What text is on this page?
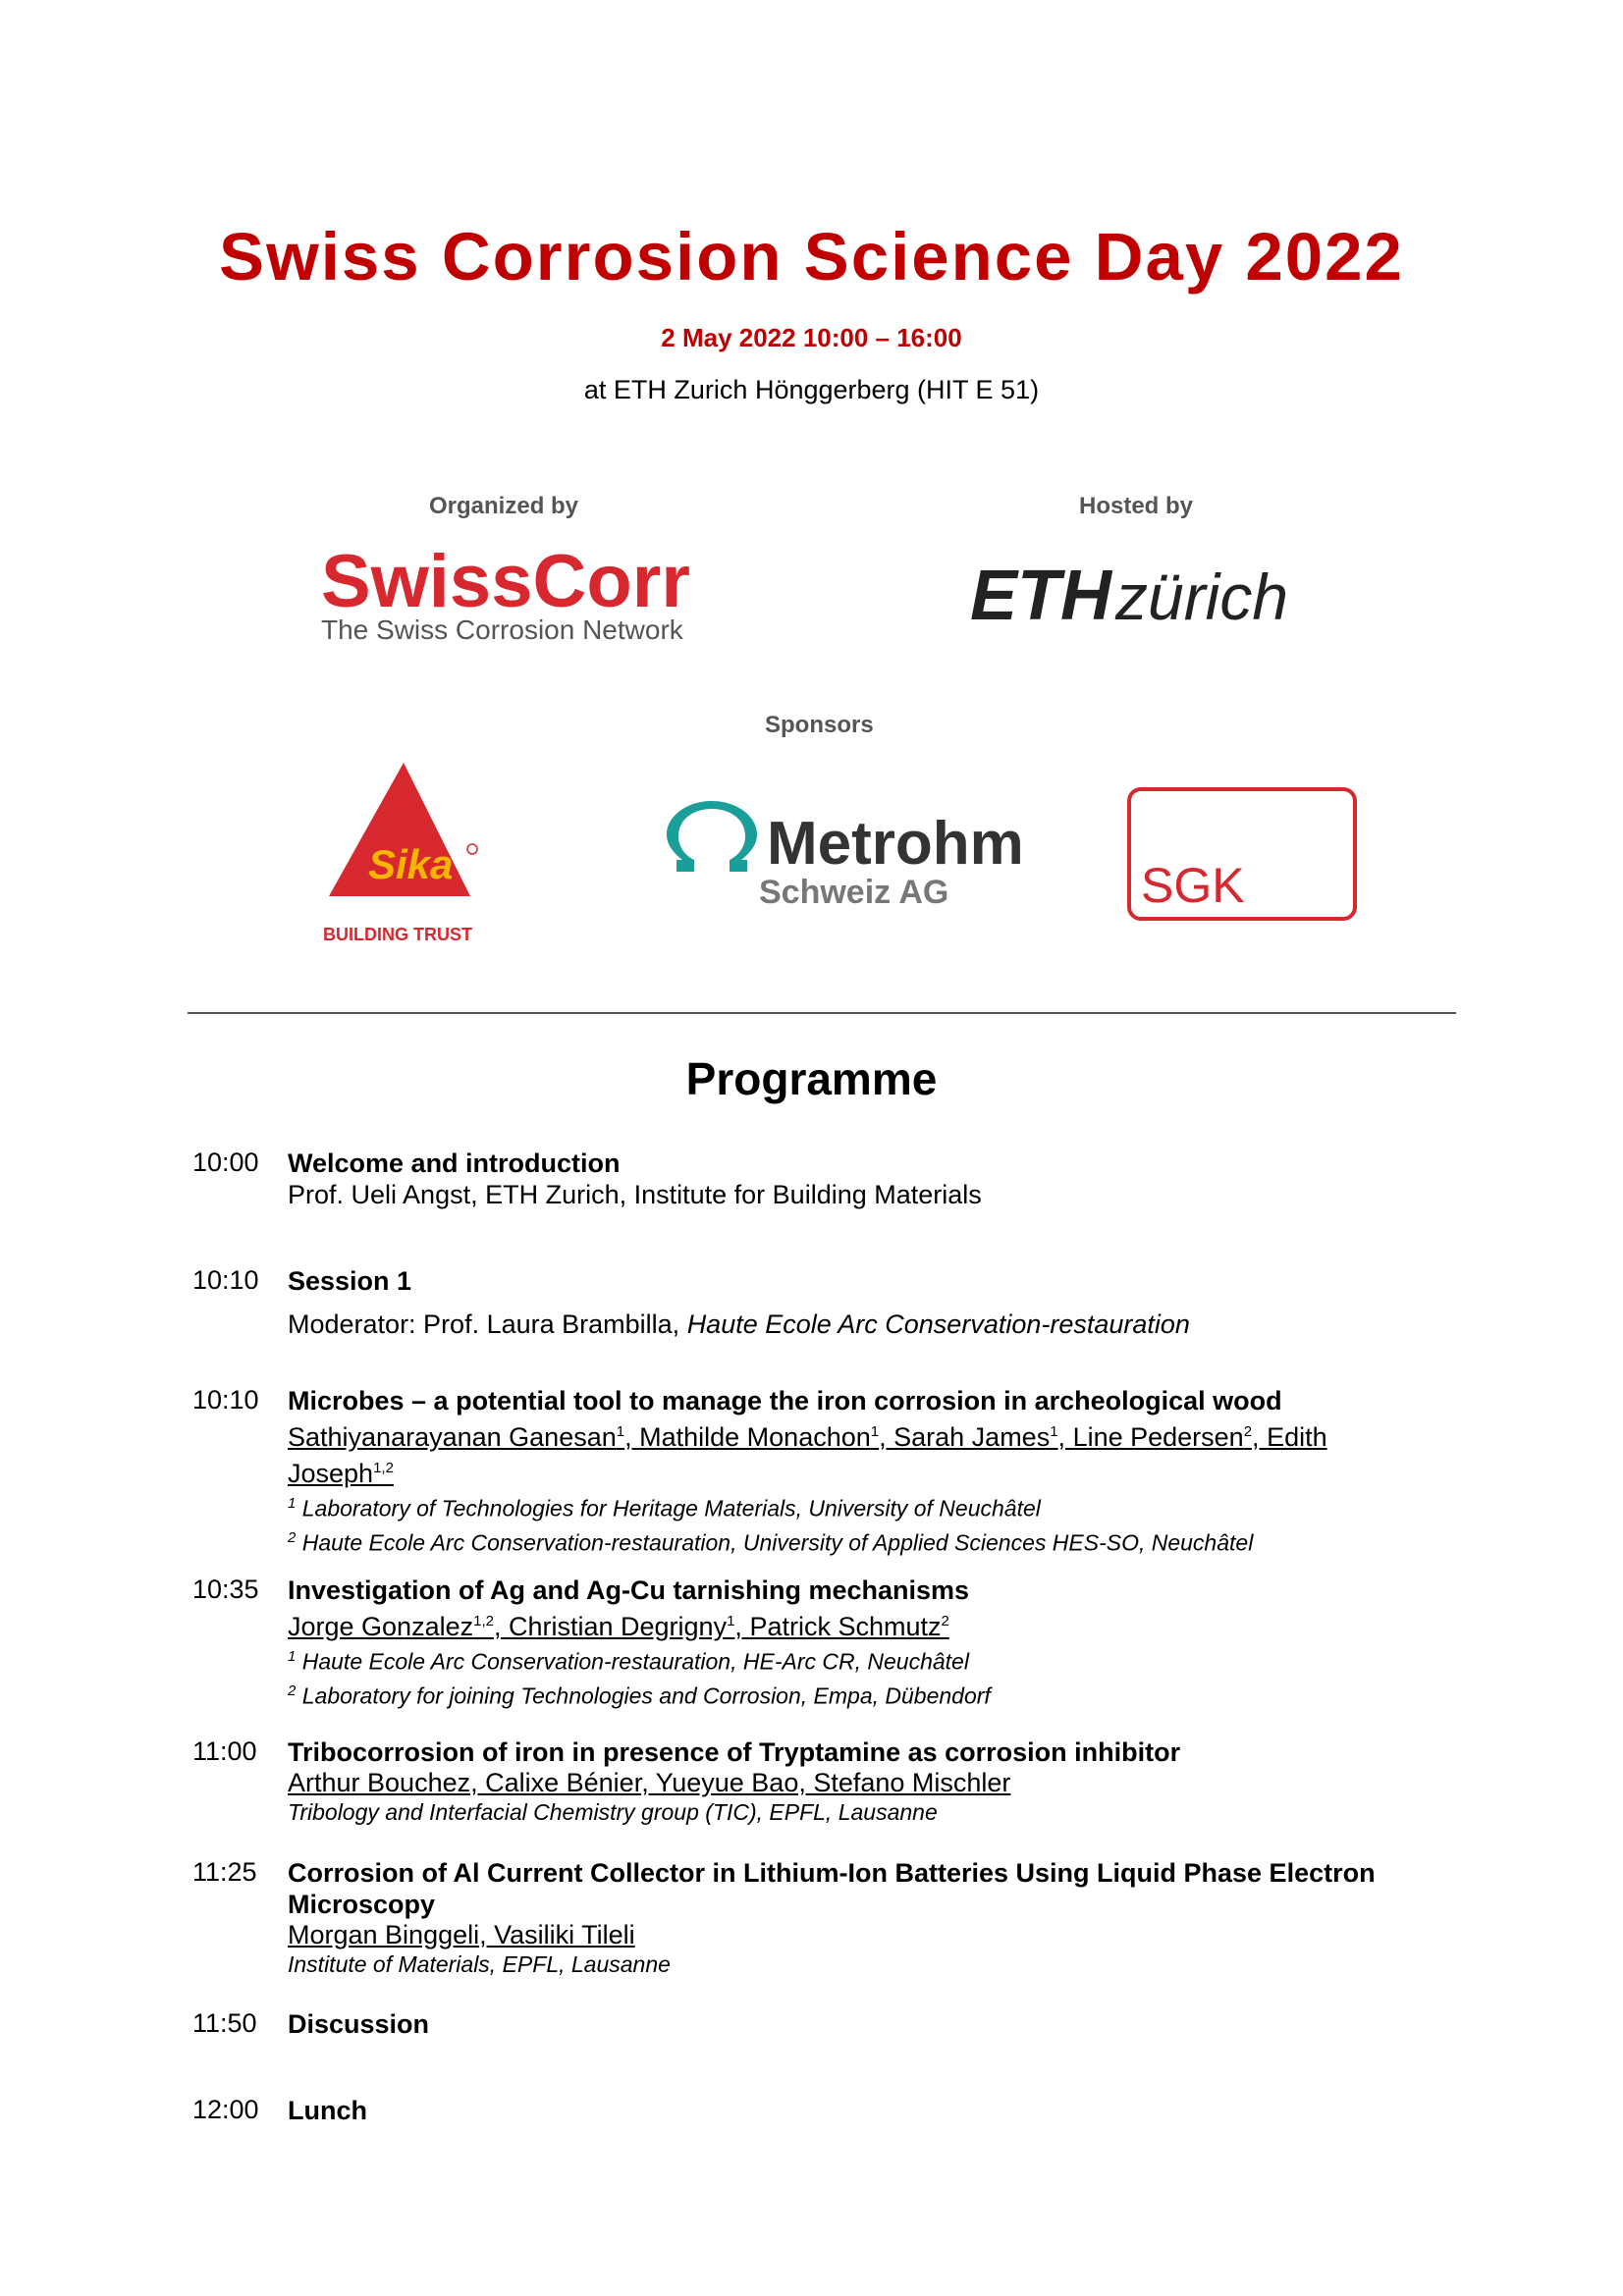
Swiss Corrosion Science Day 2022
2 May 2022 10:00 – 16:00
at ETH Zurich Hönggerberg (HIT E 51)
Organized by	Hosted by
Sponsors
SwissCorr
The Swiss Corrosion Network	ETH zürich
Sika
BUILDING TRUST
Metrohm
Schweiz AG	SGK
Programme
10:00	Welcome and introduction
Prof. Ueli Angst, ETH Zurich, Institute for Building Materials
10:10	Session 1
Moderator: Prof. Laura Brambilla, Haute Ecole Arc Conservation-restauration
10:10	Microbes – a potential tool to manage the iron corrosion in archeological wood
Sathiyanarayanan Ganesan$^1$, Mathilde Monachon$^1$, Sarah James$^1$, Line Pedersen$^2$, Edith
Joseph$^{1,2}$
$^1$ Laboratory of Technologies for Heritage Materials, University of Neuchâtel
$^2$ Haute Ecole Arc Conservation-restauration, University of Applied Sciences HES-SO, Neuchâtel
10:35	Investigation of Ag and Ag-Cu tarnishing mechanisms
Jorge Gonzalez$^{1,2}$, Christian Degrigny$^1$, Patrick Schmutz$^2$
$^1$ Haute Ecole Arc Conservation-restauration, HE-Arc CR, Neuchâtel
$^2$ Laboratory for joining Technologies and Corrosion, Empa, Dübendorf
11:00	Tribocorrosion of iron in presence of Tryptamine as corrosion inhibitor
Arthur Bouchez, Calixe Bénier, Yueyue Bao, Stefano Mischler
Tribology and Interfacial Chemistry group (TIC), EPFL, Lausanne
11:25	Corrosion of Al Current Collector in Lithium-Ion Batteries Using Liquid Phase Electron
Microscopy
Morgan Binggeli, Vasiliki Tileli
Institute of Materials, EPFL, Lausanne
11:50	Discussion
12:00	Lunch
